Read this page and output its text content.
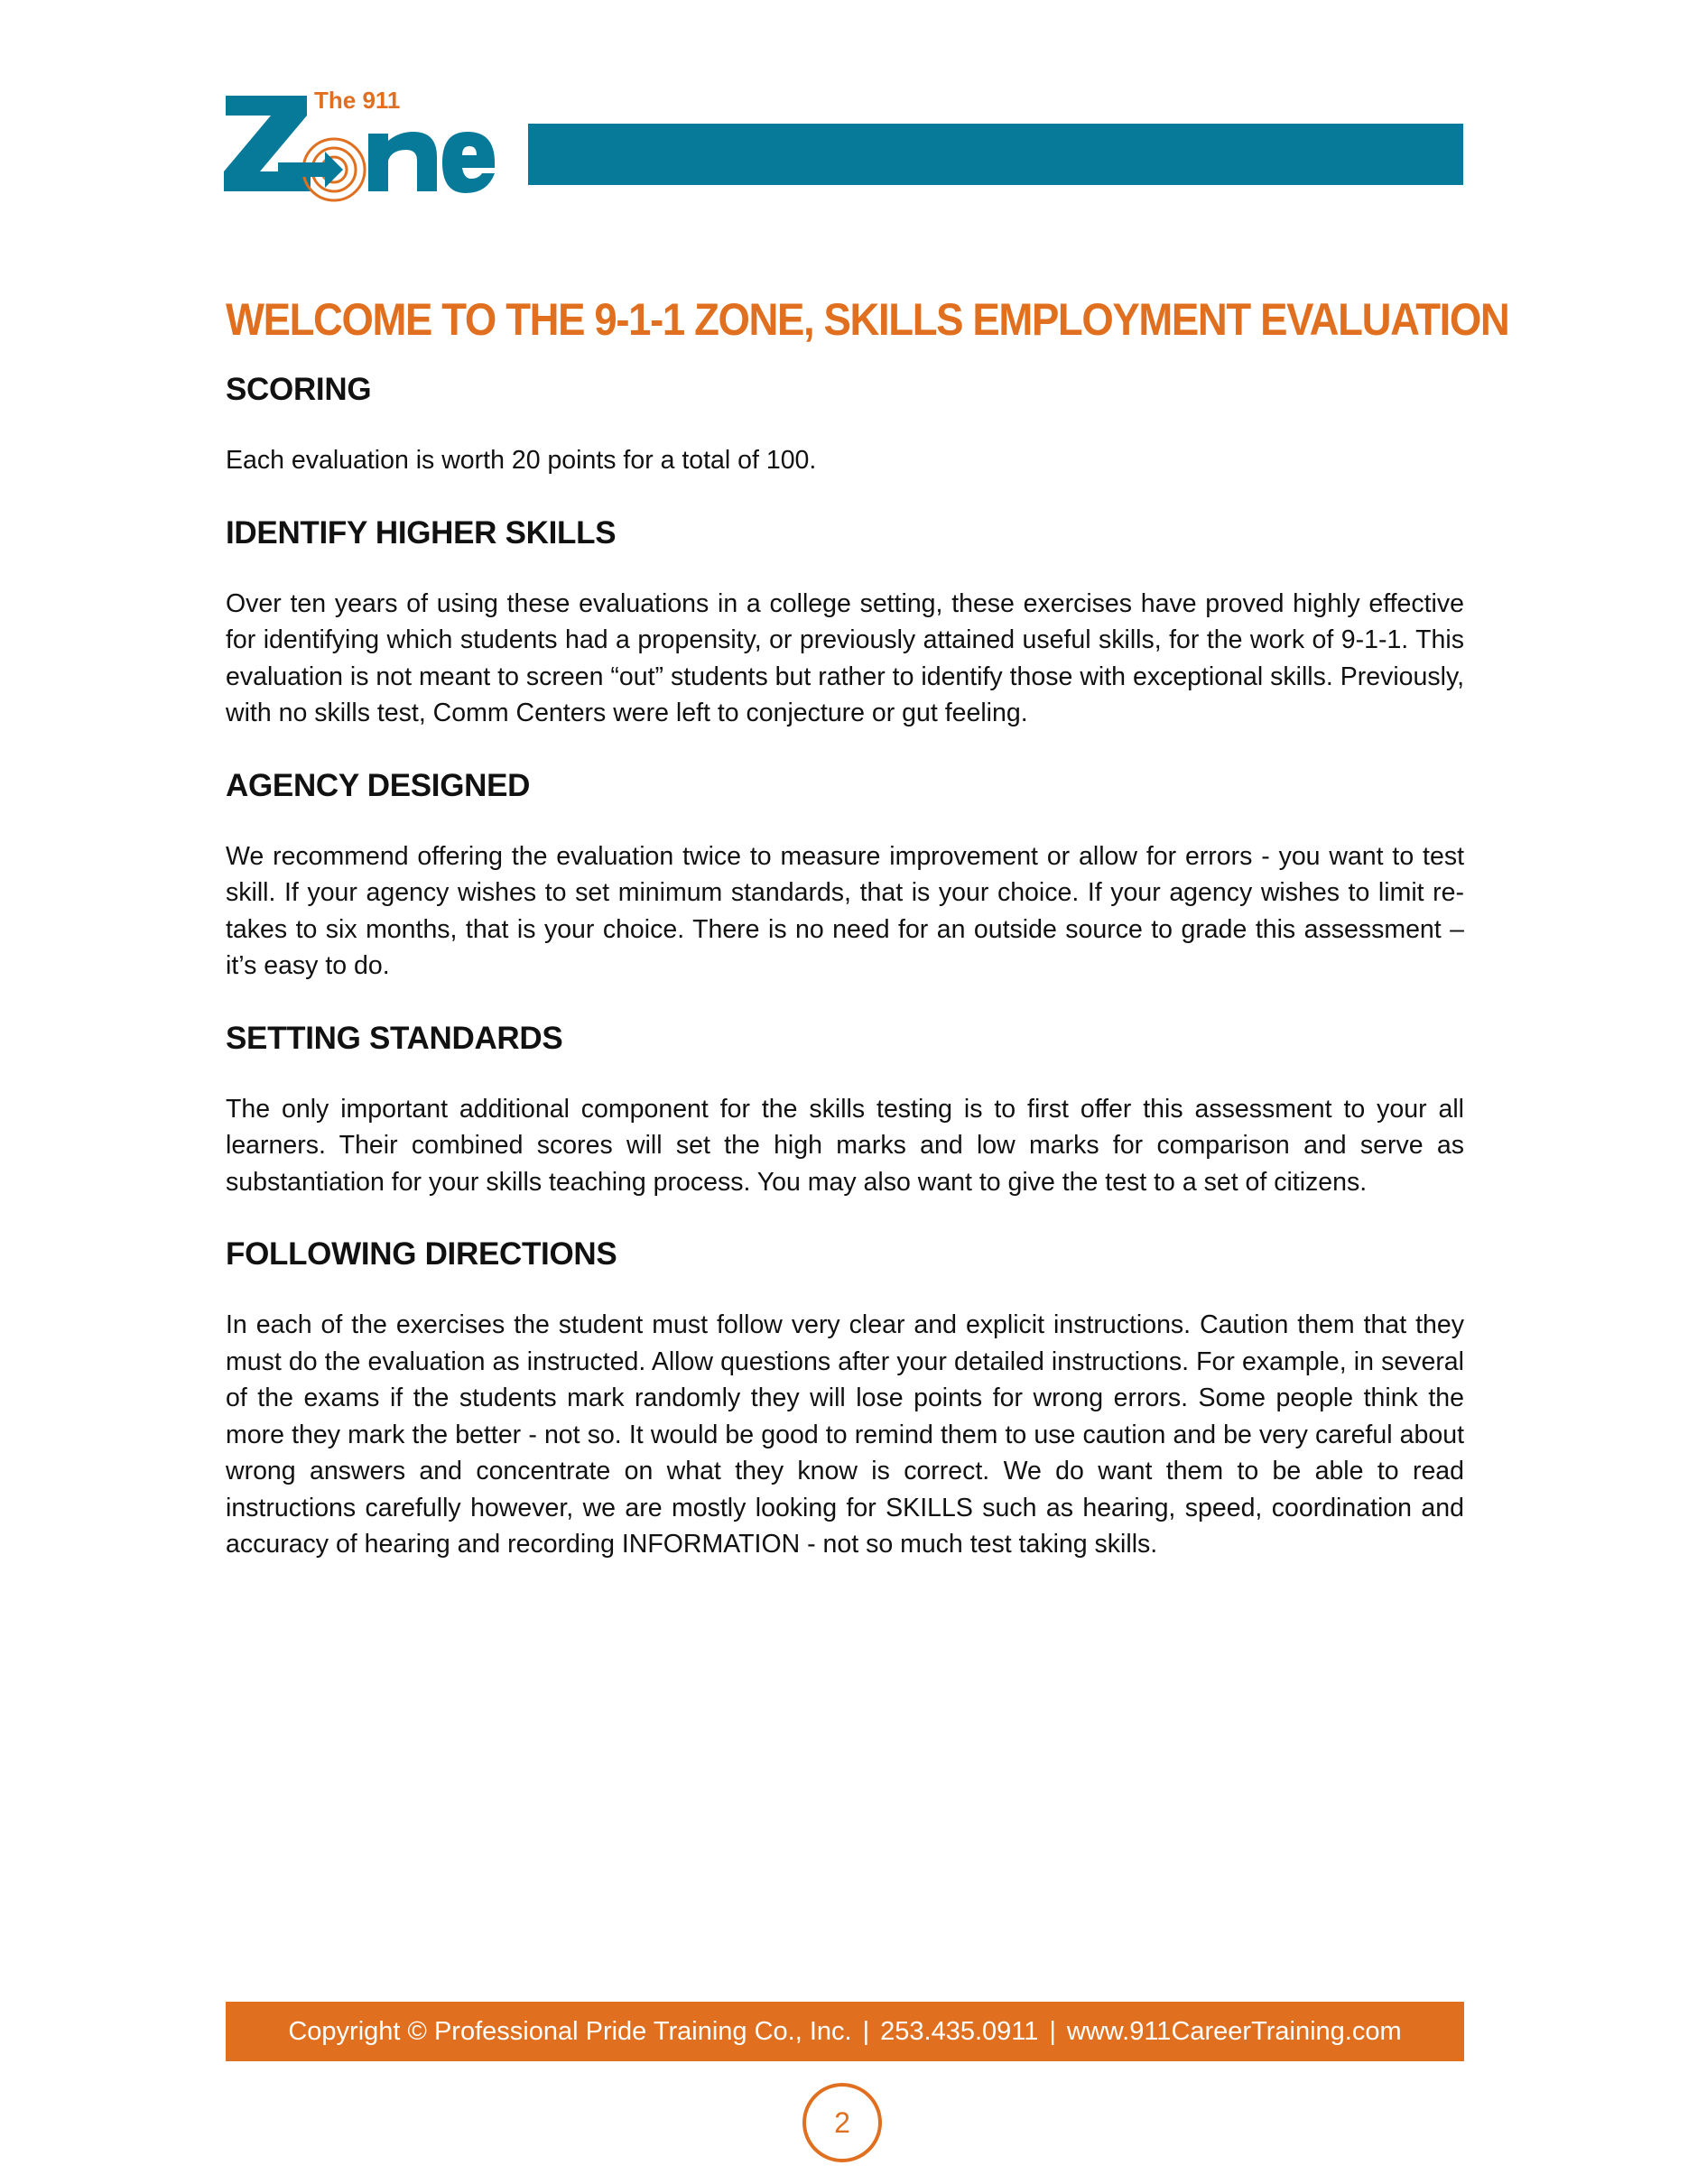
The 911
WELCOME TO THE 9-1-1 ZONE, SKILLS EMPLOYMENT EVALUATION
SCORING

Each evaluation is worth 20 points for a total of 100.

IDENTIFY HIGHER SKILLS

Over ten years of using these evaluations in a college setting, these exercises have proved highly effective for identifying which students had a propensity, or previously attained useful skills, for the work of 9-1-1. This evaluation is not meant to screen “out” students but rather to identify those with exceptional skills. Previously, with no skills test, Comm Centers were left to conjecture or gut feeling.

AGENCY DESIGNED

We recommend offering the evaluation twice to measure improvement or allow for errors - you want to test skill. If your agency wishes to set minimum standards, that is your choice. If your agency wishes to limit re-takes to six months, that is your choice. There is no need for an outside source to grade this assessment – it’s easy to do.

SETTING STANDARDS

The only important additional component for the skills testing is to first offer this assessment to your all learners. Their combined scores will set the high marks and low marks for comparison and serve as substantiation for your skills teaching process. You may also want to give the test to a set of citizens.

FOLLOWING DIRECTIONS

In each of the exercises the student must follow very clear and explicit instructions. Caution them that they must do the evaluation as instructed. Allow questions after your detailed instructions. For example, in several of the exams if the students mark randomly they will lose points for wrong errors. Some people think the more they mark the better - not so. It would be good to remind them to use caution and be very careful about wrong answers and concentrate on what they know is correct. We do want them to be able to read instructions carefully however, we are mostly looking for SKILLS such as hearing, speed, coordination and accuracy of hearing and recording INFORMATION - not so much test taking skills.

Copyright © Professional Pride Training Co., Inc. | 253.435.0911 | www.911CareerTraining.com
2
